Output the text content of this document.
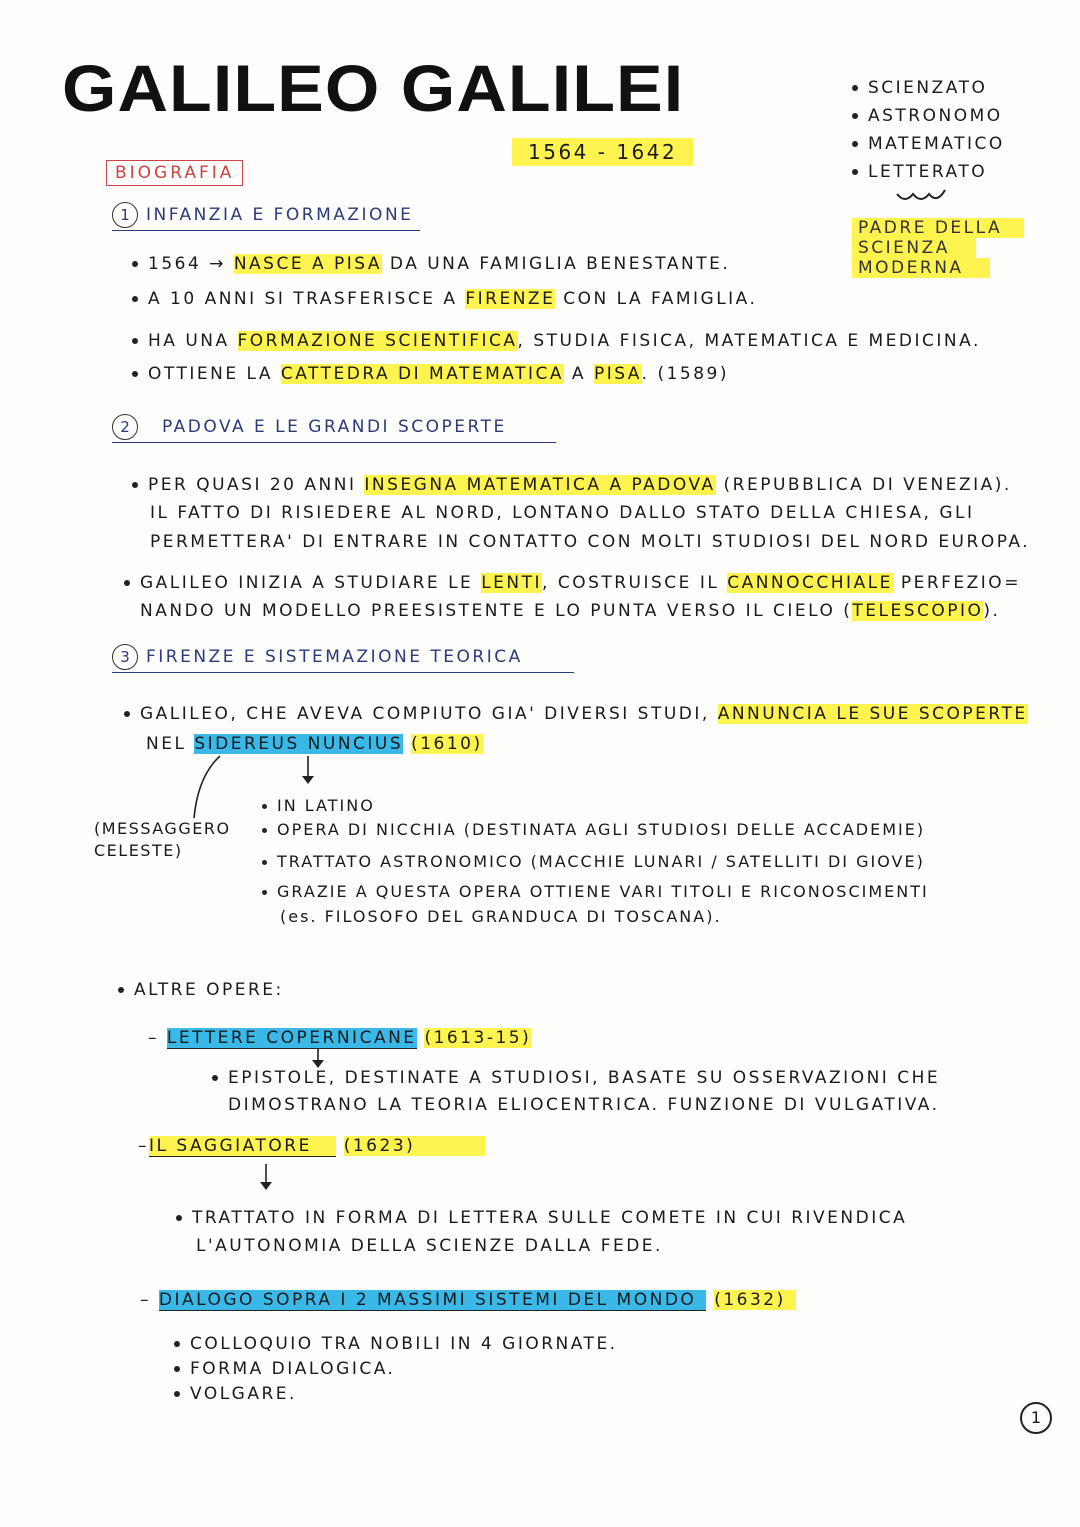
GALILEO GALILEI
1564 - 1642
SCIENZATO
ASTRONOMO
MATEMATICO
LETTERATO
PADRE DELLA
SCIENZA
MODERNA
BIOGRAFIA
1 INFANZIA E FORMAZIONE
1564 → NASCE A PISA DA UNA FAMIGLIA BENESTANTE.
A 10 ANNI SI TRASFERISCE A FIRENZE CON LA FAMIGLIA.
HA UNA FORMAZIONE SCIENTIFICA, STUDIA FISICA, MATEMATICA E MEDICINA.
OTTIENE LA CATTEDRA DI MATEMATICA A PISA. (1589)
2 PADOVA E LE GRANDI SCOPERTE
PER QUASI 20 ANNI INSEGNA MATEMATICA A PADOVA (REPUBBLICA DI VENEZIA).
IL FATTO DI RISIEDERE AL NORD, LONTANO DALLO STATO DELLA CHIESA, GLI
PERMETTERA' DI ENTRARE IN CONTATTO CON MOLTI STUDIOSI DEL NORD EUROPA.
GALILEO INIZIA A STUDIARE LE LENTI, COSTRUISCE IL CANNOCCHIALE PERFEZIO=
NANDO UN MODELLO PREESISTENTE E LO PUNTA VERSO IL CIELO (TELESCOPIO).
3 FIRENZE E SISTEMAZIONE TEORICA
GALILEO, CHE AVEVA COMPIUTO GIA' DIVERSI STUDI, ANNUNCIA LE SUE SCOPERTE
NEL SIDEREUS NUNCIUS (1610)
(MESSAGGERO
CELESTE)
IN LATINO
OPERA DI NICCHIA (DESTINATA AGLI STUDIOSI DELLE ACCADEMIE)
TRATTATO ASTRONOMICO (MACCHIE LUNARI / SATELLITI DI GIOVE)
GRAZIE A QUESTA OPERA OTTIENE VARI TITOLI E RICONOSCIMENTI
(es. FILOSOFO DEL GRANDUCA DI TOSCANA).
ALTRE OPERE:
– LETTERE COPERNICANE (1613-15)
EPISTOLE, DESTINATE A STUDIOSI, BASATE SU OSSERVAZIONI CHE
DIMOSTRANO LA TEORIA ELIOCENTRICA. FUNZIONE DI VULGATIVA.
–IL SAGGIATORE (1623)
TRATTATO IN FORMA DI LETTERA SULLE COMETE IN CUI RIVENDICA
L'AUTONOMIA DELLA SCIENZE DALLA FEDE.
– DIALOGO SOPRA I 2 MASSIMI SISTEMI DEL MONDO (1632)
COLLOQUIO TRA NOBILI IN 4 GIORNATE.
FORMA DIALOGICA.
VOLGARE.
1
